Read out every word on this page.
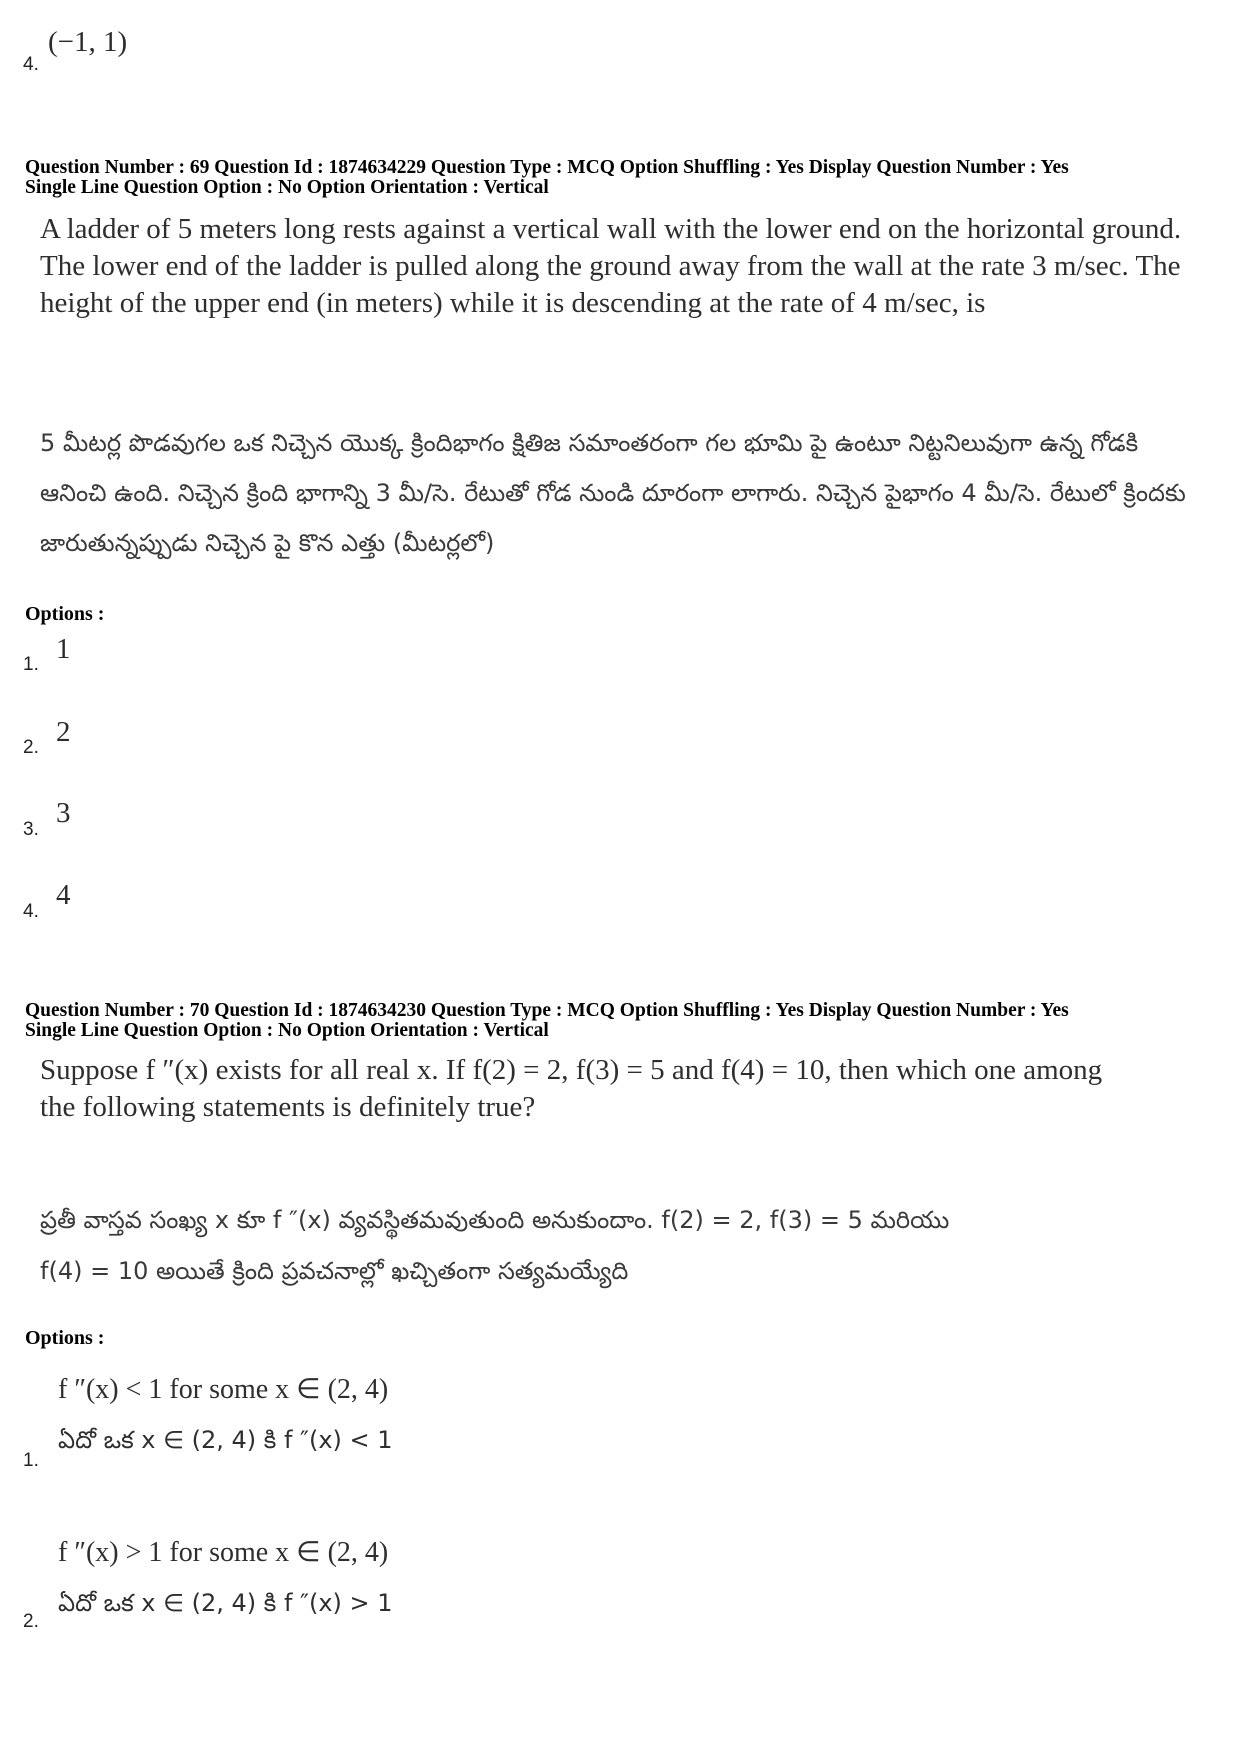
(−1, 1)
4.
Question Number : 69 Question Id : 1874634229 Question Type : MCQ Option Shuffling : Yes Display Question Number : Yes
Single Line Question Option : No Option Orientation : Vertical
A ladder of 5 meters long rests against a vertical wall with the lower end on the horizontal ground. The lower end of the ladder is pulled along the ground away from the wall at the rate 3 m/sec. The height of the upper end (in meters) while it is descending at the rate of 4 m/sec, is
5 మీటర్ల పొడవుగల ఒక నిచ్చెన యొక్క క్రిందిభాగం క్షితిజ సమాంతరంగా గల భూమి పై ఉంటూ నిట్టనిలువుగా ఉన్న గోడకి ఆనించి ఉంది. నిచ్చెన క్రింది భాగాన్ని 3 మీ/సె. రేటుతో గోడ నుండి దూరంగా లాగారు. నిచ్చెన పైభాగం 4 మీ/సె. రేటులో క్రిందకు జారుతున్నప్పుడు నిచ్చెన పై కొన ఎత్తు (మీటర్లలో)
Options :
1
1.
2
2.
3
3.
4
4.
Question Number : 70 Question Id : 1874634230 Question Type : MCQ Option Shuffling : Yes Display Question Number : Yes
Single Line Question Option : No Option Orientation : Vertical
Suppose f ″(x) exists for all real x. If f(2) = 2, f(3) = 5 and f(4) = 10, then which one among
the following statements is definitely true?
ప్రతీ వాస్తవ సంఖ్య x కూ f ″(x) వ్యవస్థితమవుతుంది అనుకుందాం. f(2) = 2, f(3) = 5 మరియు
f(4) = 10 అయితే క్రింది ప్రవచనాల్లో ఖచ్చితంగా సత్యమయ్యేది
Options :
f ″(x) < 1 for some x ∈ (2, 4)
ఏదో ఒక x ∈ (2, 4) కి f ″(x) < 1
1.
f ″(x) > 1 for some x ∈ (2, 4)
ఏదో ఒక x ∈ (2, 4) కి f ″(x) > 1
2.
